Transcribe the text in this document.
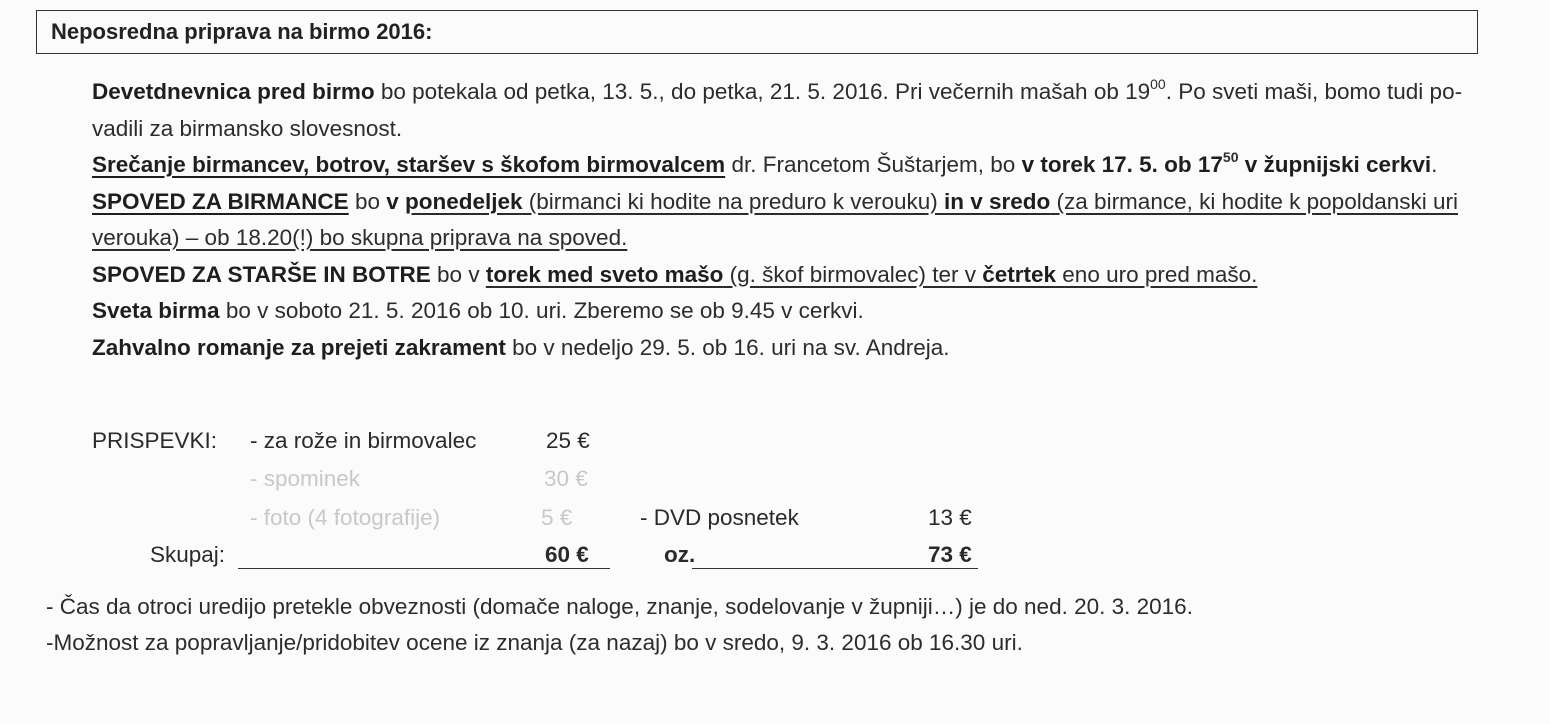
Neposredna priprava na birmo 2016:

Devetdnevnica pred birmo bo potekala od petka, 13. 5., do petka, 21. 5. 2016. Pri večernih mašah ob $19^{00}$. Po sveti maši, bomo tudi po-vadili za birmansko slovesnost.

Srečanje birmancev, botrov, staršev s škofom birmovalcem dr. Francetom Šuštarjem, bo v torek 17. 5. ob $17^{50}$ v župnijski cerkvi.

SPOVED ZA BIRMANCE bo v ponedeljek (birmanci ki hodite na preduro k verouku) in v sredo (za birmance, ki hodite k popoldanski uri verouka) – ob 18.20(!) bo skupna priprava na spoved.

SPOVED ZA STARŠE IN BOTRE bo v torek med sveto mašo (g. škof birmovalec) ter v četrtek eno uro pred mašo.

Sveta birma bo v soboto 21. 5. 2016 ob 10. uri. Zberemo se ob 9.45 v cerkvi.

Zahvalno romanje za prejeti zakrament bo v nedeljo 29. 5. ob 16. uri na sv. Andreja.

PRISPEVKI: - za rože in birmovalec	25 €
- spominek	30 €
- foto (4 fotografije)	5 €	- DVD posnetek	13 €
Skupaj:	60 €	oz.	73 €
- Čas da otroci uredijo pretekle obveznosti (domače naloge, znanje, sodelovanje v župniji…) je do ned. 20. 3. 2016.
-Možnost za popravljanje/pridobitev ocene iz znanja (za nazaj) bo v sredo, 9. 3. 2016 ob 16.30 uri.
